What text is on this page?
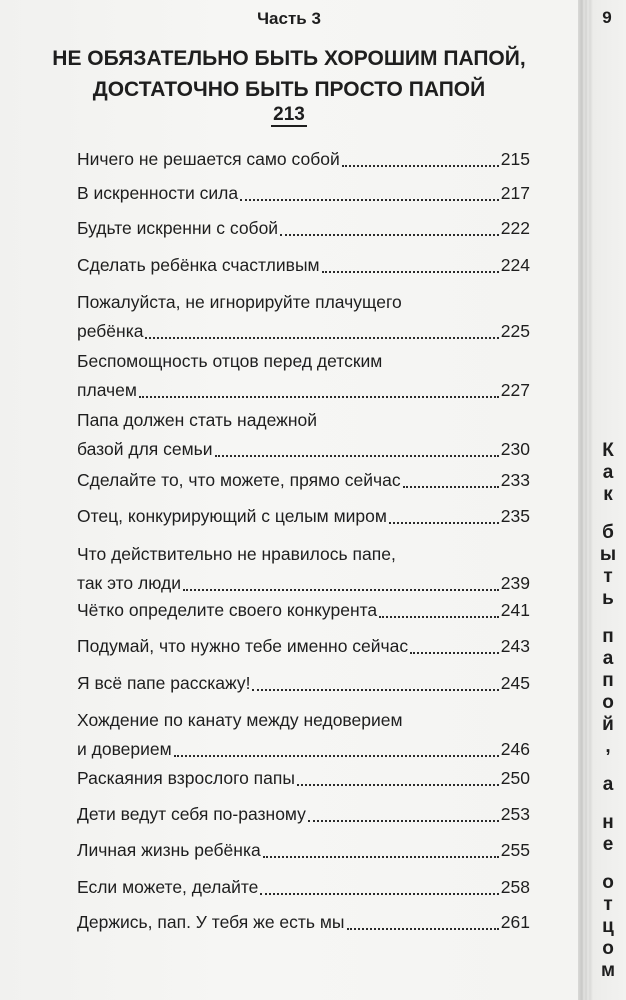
Часть 3
НЕ ОБЯЗАТЕЛЬНО БЫТЬ ХОРОШИМ ПАПОЙ,
ДОСТАТОЧНО БЫТЬ ПРОСТО ПАПОЙ
213
Ничего не решается само собой	215
В искренности сила	217
Будьте искренни с собой	222
Сделать ребёнка счастливым	224
Пожалуйста, не игнорируйте плачущего
ребёнка	225
Беспомощность отцов перед детским
плачем	227
Папа должен стать надежной
базой для семьи	230
Сделайте то, что можете, прямо сейчас	233
Отец, конкурирующий с целым миром	235
Что действительно не нравилось папе,
так это люди	239
Чётко определите своего конкурента	241
Подумай, что нужно тебе именно сейчас	243
Я всё папе расскажу!	245
Хождение по канату между недоверием
и доверием	246
Раскаяния взрослого папы	250
Дети ведут себя по-разному	253
Личная жизнь ребёнка	255
Если можете, делайте	258
Держись, пап. У тебя же есть мы	261
9
К
а
к

б
ы
т
ь

п
а
п
о
й
,

а

н
е

о
т
ц
о
м
